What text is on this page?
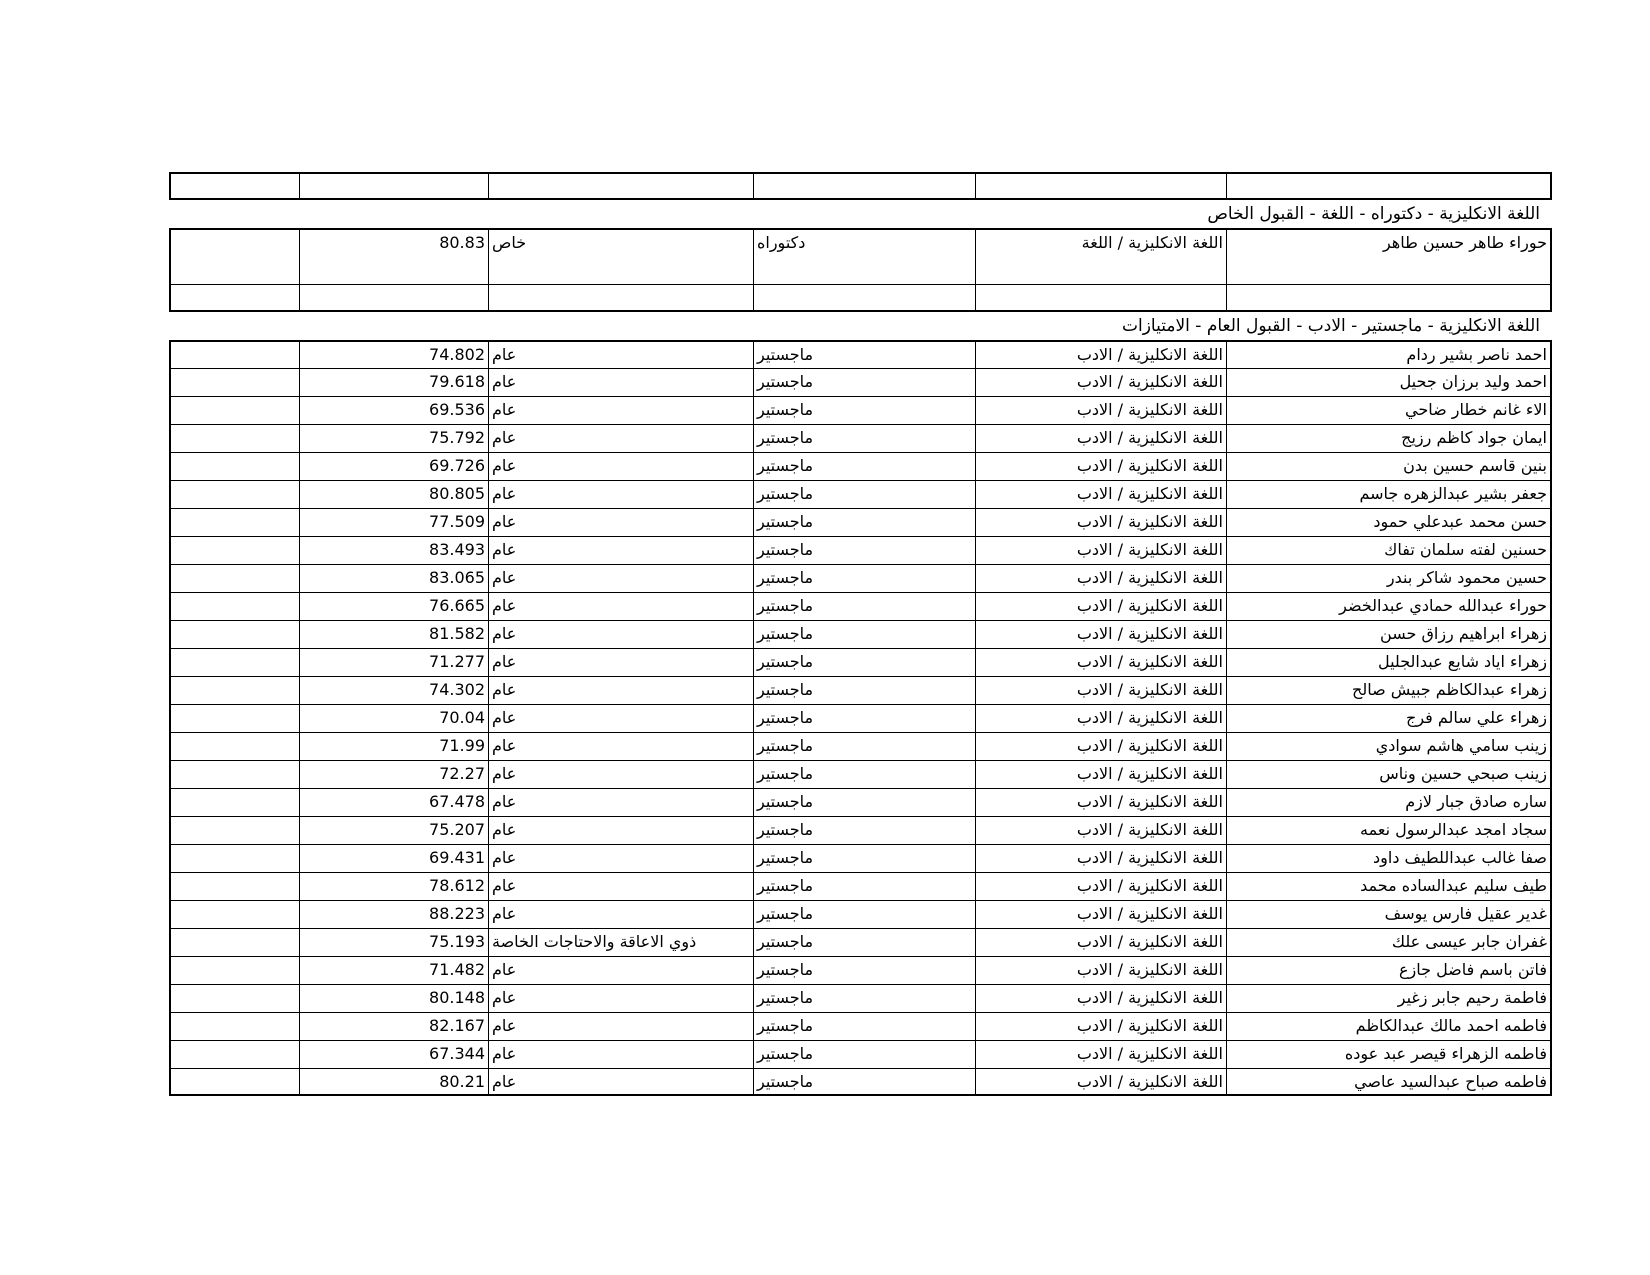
اللغة الانكليزية - دكتوراه - اللغة - القبول الخاص
حوراء طاهر حسين طاهر
اللغة الانكليزية / اللغة
دكتوراه
خاص
80.83
اللغة الانكليزية - ماجستير - الادب - القبول العام - الامتيازات
احمد ناصر بشير ردام
اللغة الانكليزية / الادب
ماجستير
عام
74.802
احمد وليد برزان جحيل
اللغة الانكليزية / الادب
ماجستير
عام
79.618
الاء غانم خطار ضاحي
اللغة الانكليزية / الادب
ماجستير
عام
69.536
ايمان جواد كاظم رزيج
اللغة الانكليزية / الادب
ماجستير
عام
75.792
بنين قاسم حسين بدن
اللغة الانكليزية / الادب
ماجستير
عام
69.726
جعفر بشير عبدالزهره جاسم
اللغة الانكليزية / الادب
ماجستير
عام
80.805
حسن محمد عبدعلي حمود
اللغة الانكليزية / الادب
ماجستير
عام
77.509
حسنين لفته سلمان تفاك
اللغة الانكليزية / الادب
ماجستير
عام
83.493
حسين محمود شاكر بندر
اللغة الانكليزية / الادب
ماجستير
عام
83.065
حوراء عبدالله حمادي عبدالخضر
اللغة الانكليزية / الادب
ماجستير
عام
76.665
زهراء ابراهيم رزاق حسن
اللغة الانكليزية / الادب
ماجستير
عام
81.582
زهراء اياد شايع عبدالجليل
اللغة الانكليزية / الادب
ماجستير
عام
71.277
زهراء عبدالكاظم جبيش صالح
اللغة الانكليزية / الادب
ماجستير
عام
74.302
زهراء علي سالم فرج
اللغة الانكليزية / الادب
ماجستير
عام
70.04
زينب سامي هاشم سوادي
اللغة الانكليزية / الادب
ماجستير
عام
71.99
زينب صبحي حسين وناس
اللغة الانكليزية / الادب
ماجستير
عام
72.27
ساره صادق جبار لازم
اللغة الانكليزية / الادب
ماجستير
عام
67.478
سجاد امجد عبدالرسول نعمه
اللغة الانكليزية / الادب
ماجستير
عام
75.207
صفا غالب عبداللطيف داود
اللغة الانكليزية / الادب
ماجستير
عام
69.431
طيف سليم عبدالساده محمد
اللغة الانكليزية / الادب
ماجستير
عام
78.612
غدير عقيل فارس يوسف
اللغة الانكليزية / الادب
ماجستير
عام
88.223
غفران جابر عيسى علك
اللغة الانكليزية / الادب
ماجستير
ذوي الاعاقة والاحتاجات الخاصة
75.193
فاتن باسم فاضل جازع
اللغة الانكليزية / الادب
ماجستير
عام
71.482
فاطمة رحيم جابر زغير
اللغة الانكليزية / الادب
ماجستير
عام
80.148
فاطمه احمد مالك عبدالكاظم
اللغة الانكليزية / الادب
ماجستير
عام
82.167
فاطمه الزهراء قيصر عبد عوده
اللغة الانكليزية / الادب
ماجستير
عام
67.344
فاطمه صباح عبدالسيد عاصي
اللغة الانكليزية / الادب
ماجستير
عام
80.21
